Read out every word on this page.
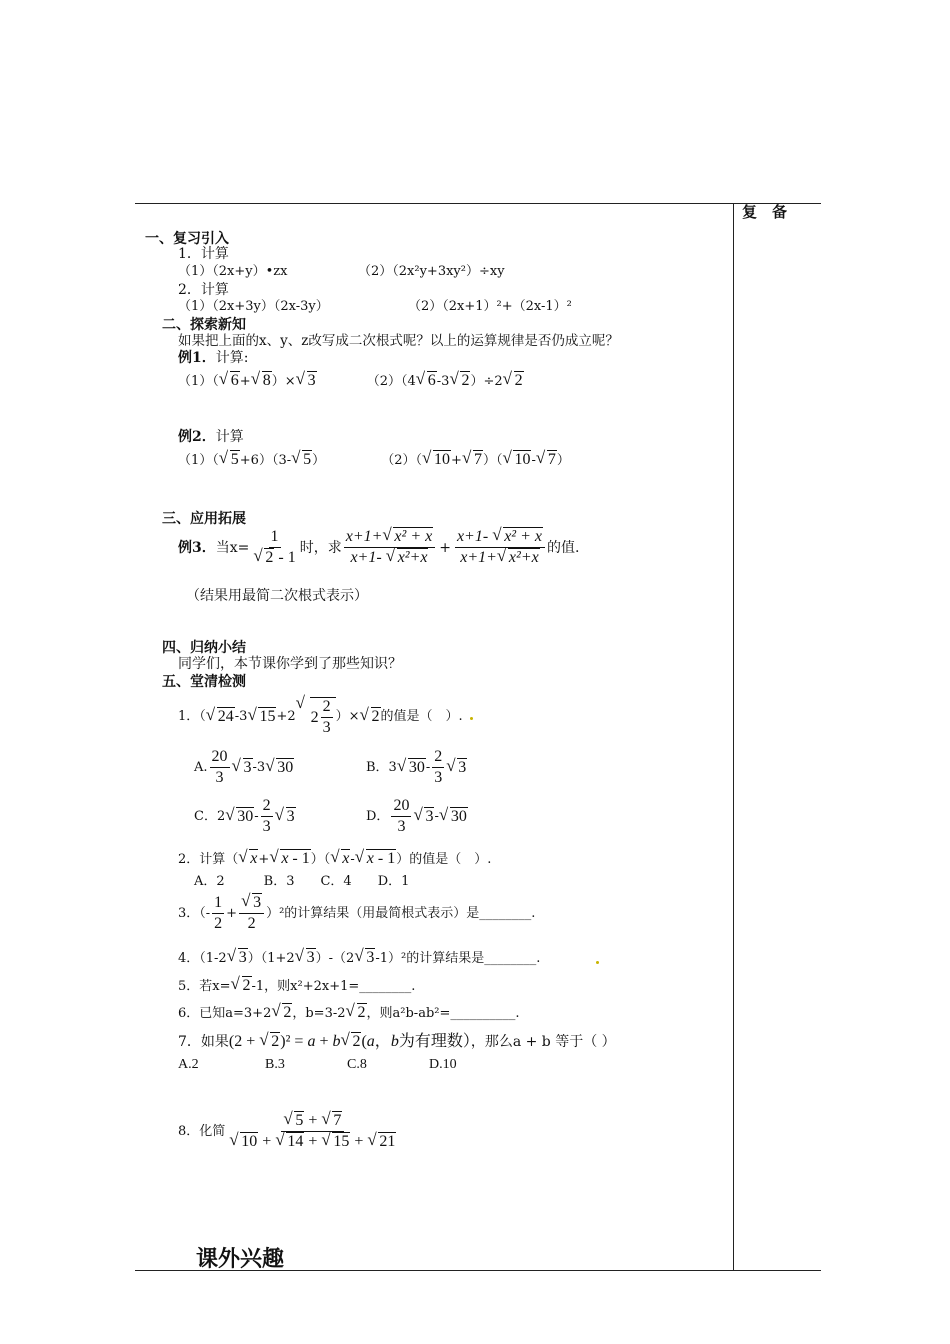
复　备
一、复习引入
1．计算
（1）（2x+y）•zx	（2）（2x²y+3xy²）÷xy
2．计算
（1）（2x+3y）（2x-3y）	（2）（2x+1）²+（2x-1）²
二、探索新知
如果把上面的x、y、z改写成二次根式呢？以上的运算规律是否仍成立呢？
例1．计算:
（1）（ √ 6+ √ 8）× √ 3	（2）（4 √ 6-3 √ 2）÷2 √ 2
例2．计算
（1）（ √ 5+6）（3- √ 5）	（2）（ √ 10+ √ 7）（ √ 10- √ 7）
三、应用拓展
例3． 当x= 1
√ 2 - 1 时，求 $\frac{\text{x+1+ √ x² + x}}{\text{x+1- √ x²+x}} + \frac{\text{x+1- √ x² + x}}{\text{x+1+ √ x²+x}}$ 的值.
（结果用最简二次根式表示）
四、归纳小结
同学们，本节课你学到了那些知识？
五、堂清检测
1．（ √ 24 -3 √ 15 +2 √ $2 \frac{2}{3}$ ）× √ 2 的值是（　）.
A. $\frac{20}{3}$ √ 3 -3 √ 30	B．3 √ $30 - \frac{2}{3}$ √ 3
C．2 √ $30 - \frac{2}{3}$ √ 3	D． $\frac{20}{3}$ √ 3 - √ 30
2．计算（ √ x+ √ x - 1）（ √ x- √ x - 1）的值是（　）.
A．2　　　B．3　　C．4　　D．1
3．（- $\frac{1}{2}$ + √ $\frac{3}{2}$ ） ²的计算结果（用最简根式表示）是________.
4．（1-2 √ 3）（1+2 √ 3）-（2 √ 3-1）²的计算结果是________.
5．若x= √ 2-1，则x²+2x+1=________.
6．已知a=3+2 √ 2，b=3-2 √ 2，则a²b-ab²=__________.
7．如果(2 + √ 2)² = a + b √ 2(a，b为有理数），那么a + b 等于（ ）
A.2	B.3	C.8	D.10
8．化简 √ 5 + √ 7
√ 10 + √ 14 + √ 15 + √ 21
课外兴趣
